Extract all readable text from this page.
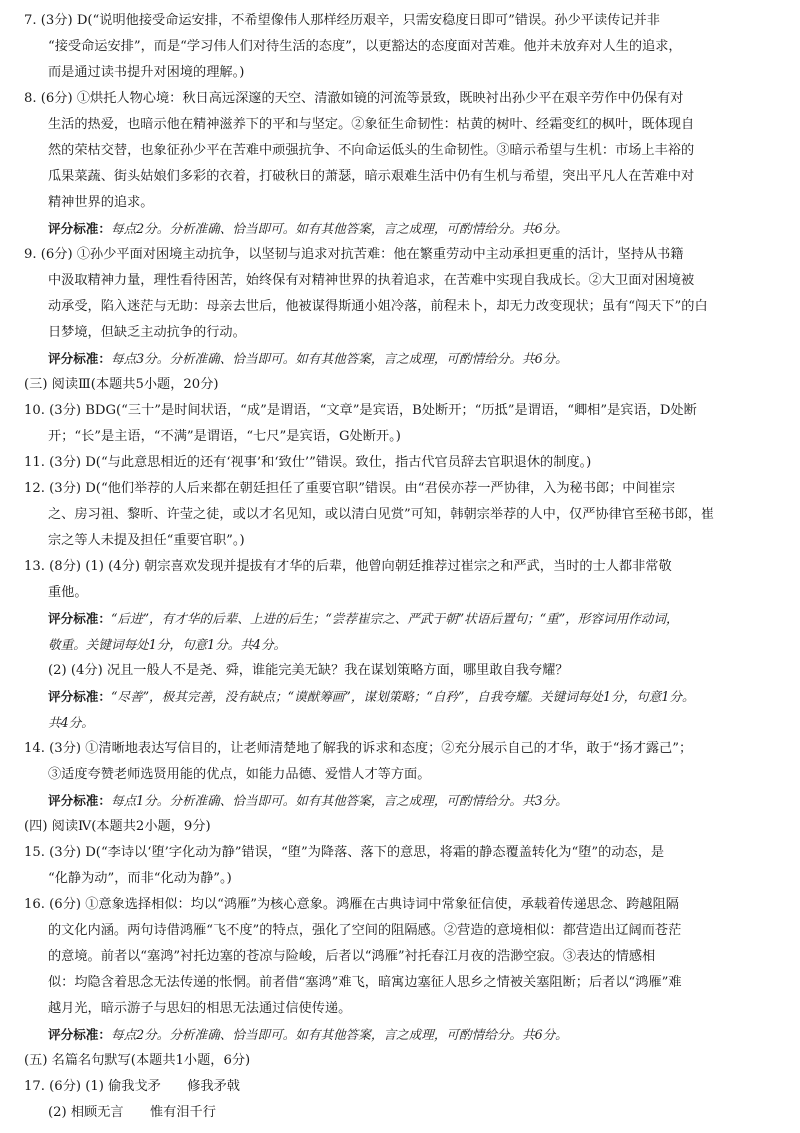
7. (3分) D(“说明他接受命运安排，不希望像伟人那样经历艰辛，只需安稳度日即可”错误。孙少平读传记并非
“接受命运安排”，而是“学习伟人们对待生活的态度”，以更豁达的态度面对苦难。他并未放弃对人生的追求，
而是通过读书提升对困境的理解。)
8. (6分) ①烘托人物心境：秋日高远深邃的天空、清澈如镜的河流等景致，既映衬出孙少平在艰辛劳作中仍保有对
生活的热爱，也暗示他在精神滋养下的平和与坚定。②象征生命韧性：枯黄的树叶、经霜变红的枫叶，既体现自
然的荣枯交替，也象征孙少平在苦难中顽强抗争、不向命运低头的生命韧性。③暗示希望与生机：市场上丰裕的
瓜果菜蔬、街头姑娘们多彩的衣着，打破秋日的萧瑟，暗示艰难生活中仍有生机与希望，突出平凡人在苦难中对
精神世界的追求。
评分标准：每点2分。分析准确、恰当即可。如有其他答案，言之成理，可酌情给分。共6分。
9. (6分) ①孙少平面对困境主动抗争，以坚韧与追求对抗苦难：他在繁重劳动中主动承担更重的活计，坚持从书籍
中汲取精神力量，理性看待困苦，始终保有对精神世界的执着追求，在苦难中实现自我成长。②大卫面对困境被
动承受，陷入迷茫与无助：母亲去世后，他被谋得斯通小姐冷落，前程未卜，却无力改变现状；虽有“闯天下”的白
日梦境，但缺乏主动抗争的行动。
评分标准：每点3分。分析准确、恰当即可。如有其他答案，言之成理，可酌情给分。共6分。
(三) 阅读Ⅲ(本题共5小题，20分)
10. (3分) BDG(“三十”是时间状语，“成”是谓语，“文章”是宾语，B处断开；“历抵”是谓语，“卿相”是宾语，D处断
开；“长”是主语，“不满”是谓语，“七尺”是宾语，G处断开。)
11. (3分) D(“与此意思相近的还有‘视事’和‘致仕’”错误。致仕，指古代官员辞去官职退休的制度。)
12. (3分) D(“他们举荐的人后来都在朝廷担任了重要官职”错误。由“君侯亦荐一严协律，入为秘书郎；中间崔宗
之、房习祖、黎昕、许莹之徒，或以才名见知，或以清白见赏”可知，韩朝宗举荐的人中，仅严协律官至秘书郎，崔
宗之等人未提及担任“重要官职”。)
13. (8分) (1) (4分) 朝宗喜欢发现并提拔有才华的后辈，他曾向朝廷推荐过崔宗之和严武，当时的士人都非常敬
重他。
评分标准：“后进”，有才华的后辈、上进的后生；“尝荐崔宗之、严武于朝”状语后置句；“重”，形容词用作动词，
敬重。关键词每处1分，句意1分。共4分。
(2) (4分) 况且一般人不是尧、舜，谁能完美无缺？我在谋划策略方面，哪里敢自我夸耀？
评分标准：“尽善”，极其完善，没有缺点；“谟猷筹画”，谋划策略；“自矜”，自我夸耀。关键词每处1分，句意1分。
共4分。
14. (3分) ①清晰地表达写信目的，让老师清楚地了解我的诉求和态度；②充分展示自己的才华，敢于“扬才露己”；
③适度夸赞老师选贤用能的优点，如能力品德、爱惜人才等方面。
评分标准：每点1分。分析准确、恰当即可。如有其他答案，言之成理，可酌情给分。共3分。
(四) 阅读Ⅳ(本题共2小题，9分)
15. (3分) D(“李诗以‘堕’字化动为静”错误，“堕”为降落、落下的意思，将霜的静态覆盖转化为“堕”的动态，是
“化静为动”，而非“化动为静”。)
16. (6分) ①意象选择相似：均以“鸿雁”为核心意象。鸿雁在古典诗词中常象征信使，承载着传递思念、跨越阻隔
的文化内涵。两句诗借鸿雁“飞不度”的特点，强化了空间的阻隔感。②营造的意境相似：都营造出辽阔而苍茫
的意境。前者以“塞鸿”衬托边塞的苍凉与险峻，后者以“鸿雁”衬托春江月夜的浩渺空寂。③表达的情感相
似：均隐含着思念无法传递的怅惘。前者借“塞鸿”难飞，暗寓边塞征人思乡之情被关塞阻断；后者以“鸿雁”难
越月光，暗示游子与思妇的相思无法通过信使传递。
评分标准：每点2分。分析准确、恰当即可。如有其他答案，言之成理，可酌情给分。共6分。
(五) 名篇名句默写(本题共1小题，6分)
17. (6分) (1) 偷我戈矛　　修我矛戟
(2) 相顾无言　　惟有泪千行
